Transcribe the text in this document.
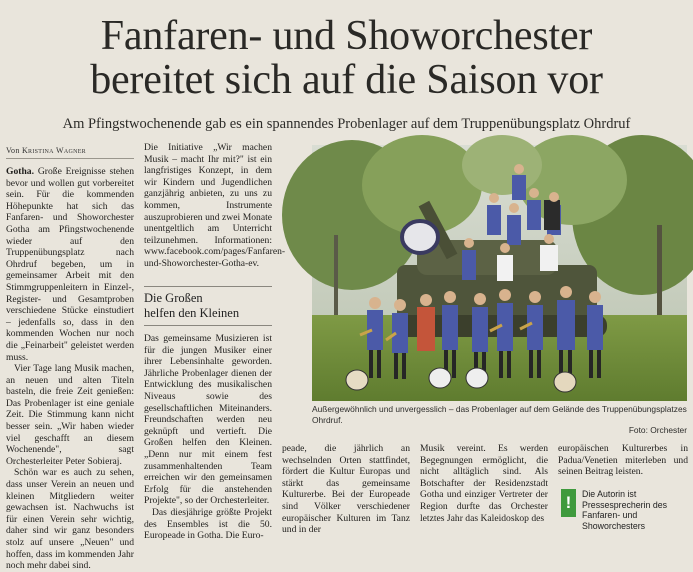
Fanfaren- und Showorchester
bereitet sich auf die Saison vor
Am Pfingstwochenende gab es ein spannendes Probenlager auf dem Truppenübungsplatz Ohrdruf
Von Kristina Wagner

Gotha. Große Ereignisse stehen bevor und wollen gut vorbereitet sein. Für die kommenden Höhepunkte hat sich das Fanfaren- und Showorchester Gotha am Pfingstwochenende wieder auf den Truppenübungsplatz nach Ohrdruf begeben, um in gemeinsamer Arbeit mit den Stimmgruppenleitern in Einzel-, Register- und Gesamtproben verschiedene Stücke einstudiert – jedenfalls so, dass in den kommenden Wochen nur noch die „Feinarbeit" geleistet werden muss.

Vier Tage lang Musik machen, an neuen und alten Titeln basteln, die freie Zeit genießen: Das Probenlager ist eine geniale Zeit. Die Stimmung kann nicht besser sein. „Wir haben wieder viel geschafft an diesem Wochenende", sagt Orchesterleiter Peter Sobieraj.

Schön war es auch zu sehen, dass unser Verein an neuen und kleinen Mitgliedern weiter gewachsen ist. Nachwuchs ist für einen Verein sehr wichtig, daher sind wir ganz besonders stolz auf unsere „Neuen" und hoffen, dass im kommenden Jahr noch mehr dabei sind.

Die Initiative „Wir machen Musik – macht Ihr mit?" ist ein langfristiges Konzept, in dem wir Kindern und Jugendlichen ganzjährig anbieten, zu uns zu kommen, Instrumente auszuprobieren und zwei Monate unentgeltlich am Unterricht teilzunehmen. Informationen: www.facebook.com/pages/Fanfaren-und-Showorchester-Gotha-ev.

Die Großen
helfen den Kleinen

Das gemeinsame Musizieren ist für die jungen Musiker einer ihrer Lebensinhalte geworden. Jährliche Probenlager dienen der Entwicklung des musikalischen Niveaus sowie des gesellschaftlichen Miteinanders. Freundschaften werden neu geknüpft und vertieft. Die Großen helfen den Kleinen. „Denn nur mit einem fest zusammenhaltenden Team erreichen wir den gemeinsamen Erfolg für die anstehenden Projekte", so der Orchesterleiter.

Das diesjährige größte Projekt des Ensembles ist die 50. Europeade in Gotha. Die Euro-

Außergewöhnlich und unvergesslich – das Probenlager auf dem Gelände des Truppenübungsplatzes Ohrdruf.
Foto: Orchester

peade, die jährlich an wechselnden Orten stattfindet, fördert die Kultur Europas und stärkt das gemeinsame Kulturerbe. Bei der Europeade sind Völker verschiedener europäischer Kulturen im Tanz und in der

Musik vereint. Es werden Begegnungen ermöglicht, die nicht alltäglich sind. Als Botschafter der Residenzstadt Gotha und einziger Vertreter der Region durfte das Orchester letztes Jahr das Kaleidoskop des

europäischen Kulturerbes in Padua/Venetien miterleben und seinen Beitrag leisten.

!	Die Autorin ist Pressesprecherin des Fanfaren- und Showorchesters
